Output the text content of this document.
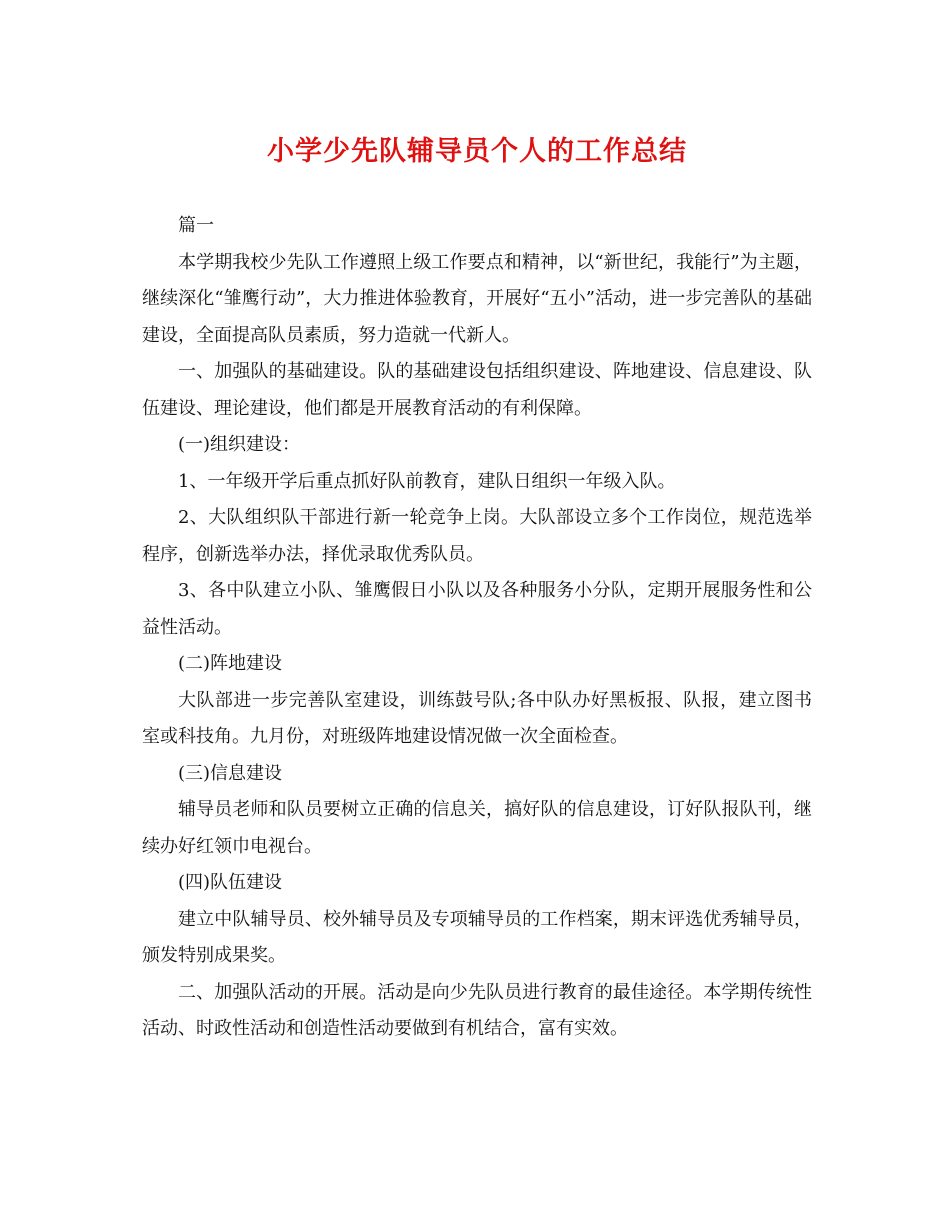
小学少先队辅导员个人的工作总结

篇一

本学期我校少先队工作遵照上级工作要点和精神，以“新世纪，我能行”为主题，继续深化“雏鹰行动”，大力推进体验教育，开展好“五小”活动，进一步完善队的基础建设，全面提高队员素质，努力造就一代新人。

一、加强队的基础建设。队的基础建设包括组织建设、阵地建设、信息建设、队伍建设、理论建设，他们都是开展教育活动的有利保障。

(一)组织建设：

1、一年级开学后重点抓好队前教育，建队日组织一年级入队。

2、大队组织队干部进行新一轮竞争上岗。大队部设立多个工作岗位，规范选举程序，创新选举办法，择优录取优秀队员。

3、各中队建立小队、雏鹰假日小队以及各种服务小分队，定期开展服务性和公益性活动。

(二)阵地建设

大队部进一步完善队室建设，训练鼓号队;各中队办好黑板报、队报，建立图书室或科技角。九月份，对班级阵地建设情况做一次全面检查。

(三)信息建设

辅导员老师和队员要树立正确的信息关，搞好队的信息建设，订好队报队刊，继续办好红领巾电视台。

(四)队伍建设

建立中队辅导员、校外辅导员及专项辅导员的工作档案，期末评选优秀辅导员，颁发特别成果奖。

二、加强队活动的开展。活动是向少先队员进行教育的最佳途径。本学期传统性活动、时政性活动和创造性活动要做到有机结合，富有实效。
